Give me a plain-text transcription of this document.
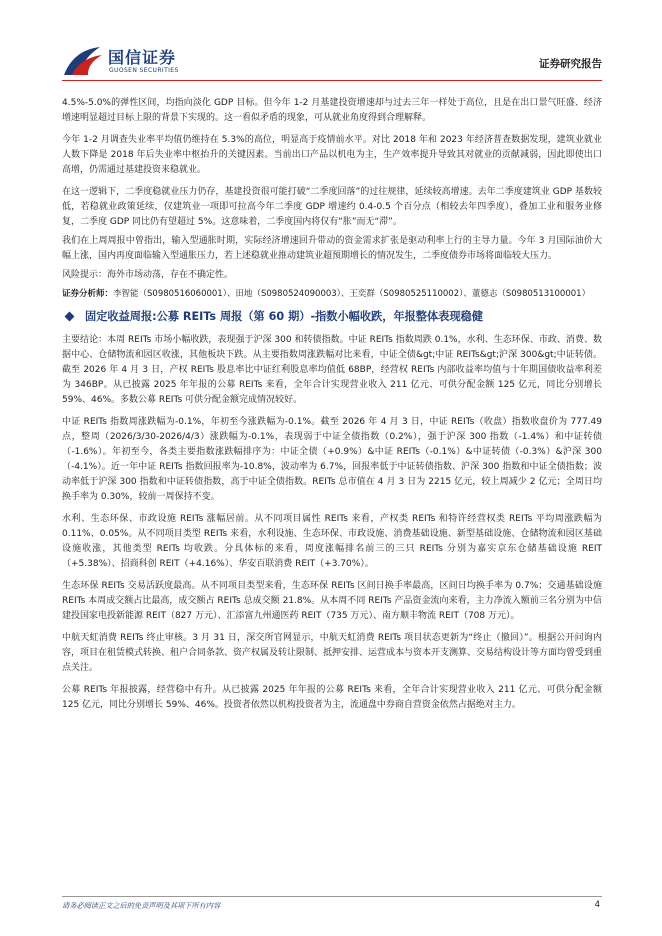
国信证券
GUOSEN SECURITIES
证券研究报告

4.5%-5.0%的弹性区间，均指向淡化 GDP 目标。但今年 1-2 月基建投资增速却与过去三年一样处于高位，且是在出口景气旺盛、经济增速明显超过目标上限的背景下实现的。这一看似矛盾的现象，可从就业角度得到合理解释。

今年 1-2 月调查失业率平均值仍维持在 5.3%的高位，明显高于疫情前水平。对比 2018 年和 2023 年经济普查数据发现，建筑业就业人数下降是 2018 年后失业率中枢抬升的关键因素。当前出口产品以机电为主，生产效率提升导致其对就业的贡献减弱，因此即使出口高增，仍需通过基建投资来稳就业。

在这一逻辑下，二季度稳就业压力仍存，基建投资很可能打破“二季度回落”的过往规律，延续较高增速。去年二季度建筑业 GDP 基数较低，若稳就业政策延续，仅建筑业一项即可拉高今年二季度 GDP 增速约 0.4-0.5 个百分点（相较去年四季度），叠加工业和服务业修复，二季度 GDP 同比仍有望超过 5%。这意味着，二季度国内将仅有“胀”而无“滞”。

我们在上周周报中曾指出，输入型通胀时期，实际经济增速回升带动的资金需求扩张是驱动利率上行的主导力量。今年 3 月国际油价大幅上涨，国内再度面临输入型通胀压力，若上述稳就业推动建筑业超预期增长的情况发生，二季度债券市场将面临较大压力。

风险提示：海外市场动荡，存在不确定性。

证券分析师：李智能（S0980516060001）、田地（S0980524090003）、王奕群（S0980525110002）、董德志（S0980513100001）
固定收益周报:公募 REITs 周报（第 60 期）-指数小幅收跌，年报整体表现稳健

主要结论：本周 REITs 市场小幅收跌，表现强于沪深 300 和转债指数。中证 REITs 指数周跌 0.1%，水利、生态环保、市政、消费、数据中心、仓储物流和园区收涨，其他板块下跌。从主要指数周涨跌幅对比来看，中证全债&gt;中证 REITs&gt;沪深 300&gt;中证转债。截至 2026 年 4 月 3 日，产权 REITs 股息率比中证红利股息率均值低 68BP，经营权 REITs 内部收益率均值与十年期国债收益率利差为 346BP。从已披露 2025 年年报的公募 REITs 来看，全年合计实现营业收入 211 亿元、可供分配金额 125 亿元，同比分别增长 59%、46%。多数公募 REITs 可供分配金额完成情况较好。

中证 REITs 指数周涨跌幅为-0.1%，年初至今涨跌幅为-0.1%。截至 2026 年 4 月 3 日，中证 REITs（收盘）指数收盘价为 777.49 点，整周（2026/3/30-2026/4/3）涨跌幅为-0.1%，表现弱于中证全债指数（0.2%），强于沪深 300 指数（-1.4%）和中证转债（-1.6%）。年初至今，各类主要指数涨跌幅排序为：中证全债（+0.9%）&中证 REITs（-0.1%）&中证转债（-0.3%）&沪深 300（-4.1%）。近一年中证 REITs 指数回报率为-10.8%，波动率为 6.7%，回报率低于中证转债指数、沪深 300 指数和中证全债指数；波动率低于沪深 300 指数和中证转债指数，高于中证全债指数。REITs 总市值在 4 月 3 日为 2215 亿元，较上周减少 2 亿元；全周日均换手率为 0.30%，较前一周保持不变。

水利、生态环保、市政设施 REITs 涨幅居前。从不同项目属性 REITs 来看，产权类 REITs 和特许经营权类 REITs 平均周涨跌幅为 0.11%、0.05%。从不同项目类型 REITs 来看，水利设施、生态环保、市政设施、消费基础设施、新型基础设施、仓储物流和园区基础设施收涨，其他类型 REITs 均收跌。分具体标的来看，周度涨幅排名前三的三只 REITs 分别为嘉实京东仓储基础设施 REIT（+5.38%）、招商科创 REIT（+4.16%）、华安百联消费 REIT（+3.70%）。

生态环保 REITs 交易活跃度最高。从不同项目类型来看，生态环保 REITs 区间日换手率最高，区间日均换手率为 0.7%；交通基础设施 REITs 本周成交额占比最高，成交额占 REITs 总成交额 21.8%。从本周不同 REITs 产品资金流向来看，主力净流入额前三名分别为中信建投国家电投新能源 REIT（827 万元）、汇添富九州通医药 REIT（735 万元）、南方顺丰物流 REIT（708 万元）。

中航天虹消费 REITs 终止审核。3 月 31 日，深交所官网显示，中航天虹消费 REITs 项目状态更新为“终止（撤回）”。根据公开问询内容，项目在租赁模式转换、租户合同条款、资产权属及转让限制、抵押安排、运营成本与资本开支测算、交易结构设计等方面均曾受到重点关注。

公募 REITs 年报披露，经营稳中有升。从已披露 2025 年年报的公募 REITs 来看，全年合计实现营业收入 211 亿元、可供分配金额 125 亿元，同比分别增长 59%、46%。投资者依然以机构投资者为主，流通盘中券商自营资金依然占据绝对主力。

请务必阅读正文之后的免责声明及其项下所有内容	4
